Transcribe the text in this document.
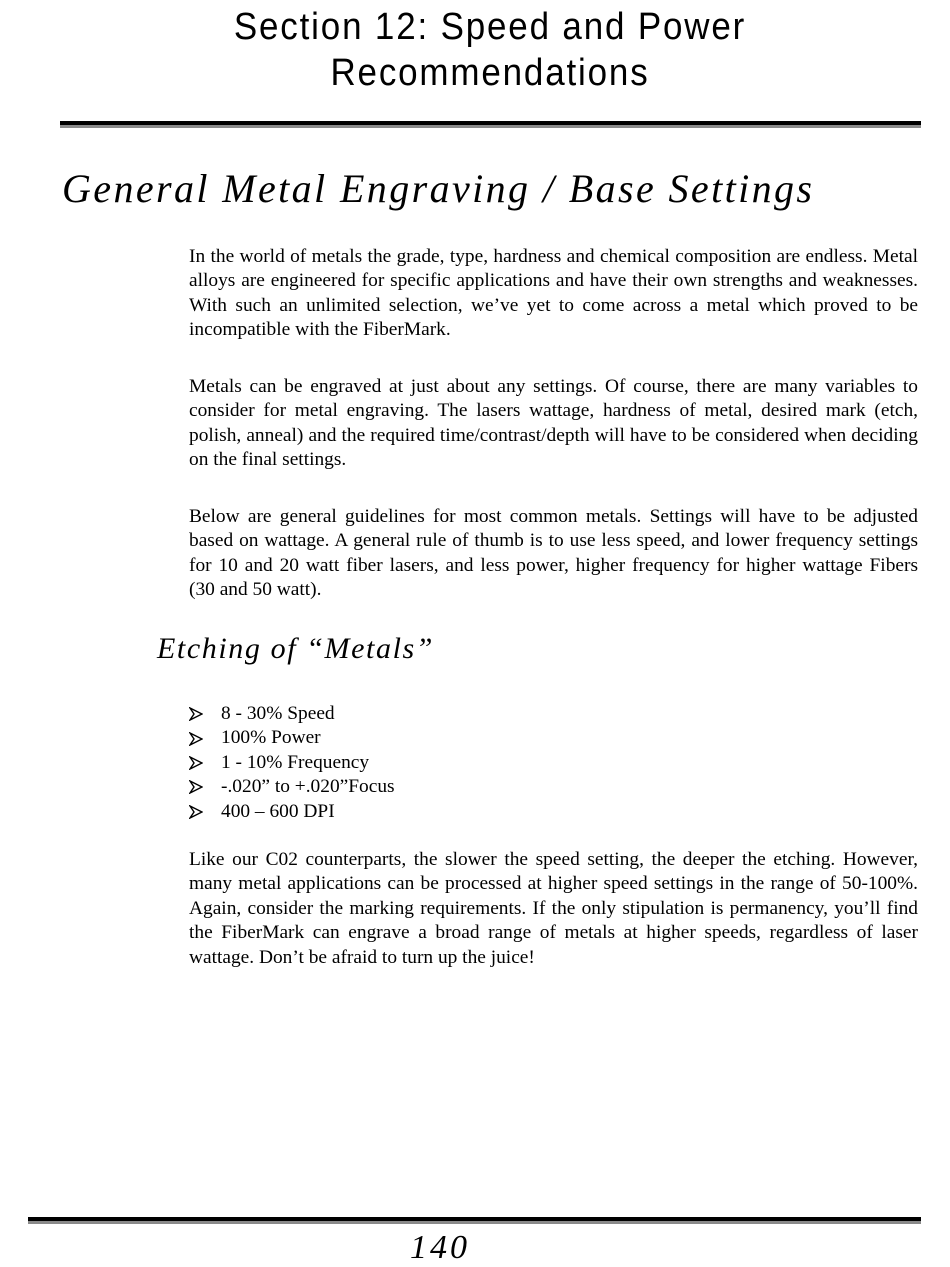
Section 12: Speed and Power
Recommendations
General Metal Engraving / Base Settings

In the world of metals the grade, type, hardness and chemical composition are endless. Metal alloys are engineered for specific applications and have their own strengths and weaknesses. With such an unlimited selection, we’ve yet to come across a metal which proved to be incompatible with the FiberMark.

Metals can be engraved at just about any settings. Of course, there are many variables to consider for metal engraving. The lasers wattage, hardness of metal, desired mark (etch, polish, anneal) and the required time/contrast/depth will have to be considered when deciding on the final settings.

Below are general guidelines for most common metals. Settings will have to be adjusted based on wattage. A general rule of thumb is to use less speed, and lower frequency settings for 10 and 20 watt fiber lasers, and less power, higher frequency for higher wattage Fibers (30 and 50 watt).

Etching of “Metals”
8 - 30% Speed
100% Power
1 - 10% Frequency
-.020” to +.020”Focus
400 – 600 DPI

Like our C02 counterparts, the slower the speed setting, the deeper the etching. However, many metal applications can be processed at higher speed settings in the range of 50-100%. Again, consider the marking requirements. If the only stipulation is permanency, you’ll find the FiberMark can engrave a broad range of metals at higher speeds, regardless of laser wattage. Don’t be afraid to turn up the juice!

140
